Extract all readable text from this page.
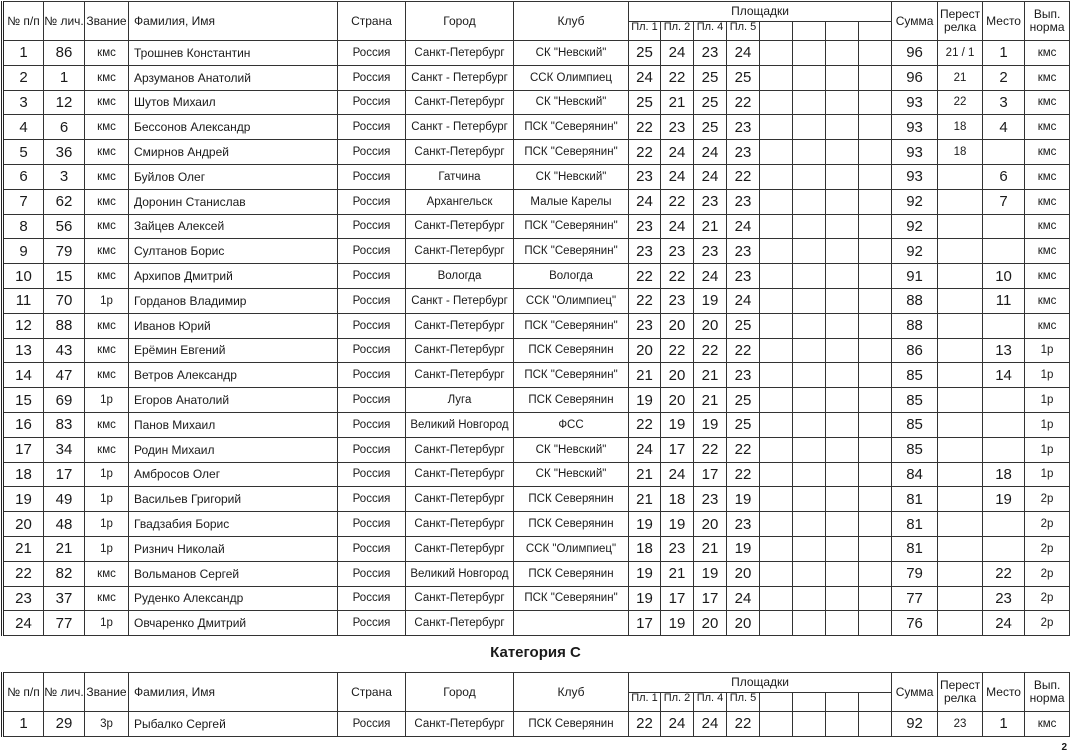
№ п/п	№ лич.	Звание	Фамилия, Имя	Страна	Город	Клуб	Площадки								Сумма	Перест релка	Место	Вып. норма
							Пл. 1	Пл. 2	Пл. 4	Пл. 5								
1	86	кмс	Трошнев Константин	Россия	Санкт-Петербург	СК "Невский"	25	24	23	24					96	21 / 1	1	кмс
2	1	кмс	Арзуманов Анатолий	Россия	Санкт - Петербург	ССК Олимпиец	24	22	25	25					96	21	2	кмс
3	12	кмс	Шутов Михаил	Россия	Санкт-Петербург	СК "Невский"	25	21	25	22					93	22	3	кмс
4	6	кмс	Бессонов Александр	Россия	Санкт - Петербург	ПСК "Северянин"	22	23	25	23					93	18	4	кмс
5	36	кмс	Смирнов Андрей	Россия	Санкт-Петербург	ПСК "Северянин"	22	24	24	23					93	18		кмс
6	3	кмс	Буйлов Олег	Россия	Гатчина	СК "Невский"	23	24	24	22					93		6	кмс
7	62	кмс	Доронин Станислав	Россия	Архангельск	Малые Карелы	24	22	23	23					92		7	кмс
8	56	кмс	Зайцев Алексей	Россия	Санкт-Петербург	ПСК "Северянин"	23	24	21	24					92			кмс
9	79	кмс	Султанов Борис	Россия	Санкт-Петербург	ПСК "Северянин"	23	23	23	23					92			кмс
10	15	кмс	Архипов Дмитрий	Россия	Вологда	Вологда	22	22	24	23					91		10	кмс
11	70	1р	Горданов Владимир	Россия	Санкт - Петербург	ССК "Олимпиец"	22	23	19	24					88		11	кмс
12	88	кмс	Иванов Юрий	Россия	Санкт-Петербург	ПСК "Северянин"	23	20	20	25					88			кмс
13	43	кмс	Ерёмин Евгений	Россия	Санкт-Петербург	ПСК Северянин	20	22	22	22					86		13	1р
14	47	кмс	Ветров Александр	Россия	Санкт-Петербург	ПСК "Северянин"	21	20	21	23					85		14	1р
15	69	1р	Егоров Анатолий	Россия	Луга	ПСК Северянин	19	20	21	25					85			1р
16	83	кмс	Панов Михаил	Россия	Великий Новгород	ФСС	22	19	19	25					85			1р
17	34	кмс	Родин Михаил	Россия	Санкт-Петербург	СК "Невский"	24	17	22	22					85			1р
18	17	1р	Амбросов Олег	Россия	Санкт-Петербург	СК "Невский"	21	24	17	22					84		18	1р
19	49	1р	Васильев Григорий	Россия	Санкт-Петербург	ПСК Северянин	21	18	23	19					81		19	2р
20	48	1р	Гвадзабия Борис	Россия	Санкт-Петербург	ПСК Северянин	19	19	20	23					81			2р
21	21	1р	Ризнич Николай	Россия	Санкт-Петербург	ССК "Олимпиец"	18	23	21	19					81			2р
22	82	кмс	Вольманов Сергей	Россия	Великий Новгород	ПСК Северянин	19	21	19	20					79		22	2р
23	37	кмс	Руденко Александр	Россия	Санкт-Петербург	ПСК "Северянин"	19	17	17	24					77		23	2р
24	77	1р	Овчаренко Дмитрий	Россия	Санкт-Петербург		17	19	20	20					76		24	2р
Категория С
№ п/п	№ лич.	Звание	Фамилия, Имя	Страна	Город	Клуб	Площадки								Сумма	Перест релка	Место	Вып. норма
							Пл. 1	Пл. 2	Пл. 4	Пл. 5								
1	29	3р	Рыбалко Сергей	Россия	Санкт-Петербург	ПСК Северянин	22	24	24	22					92	23	1	кмс
2
